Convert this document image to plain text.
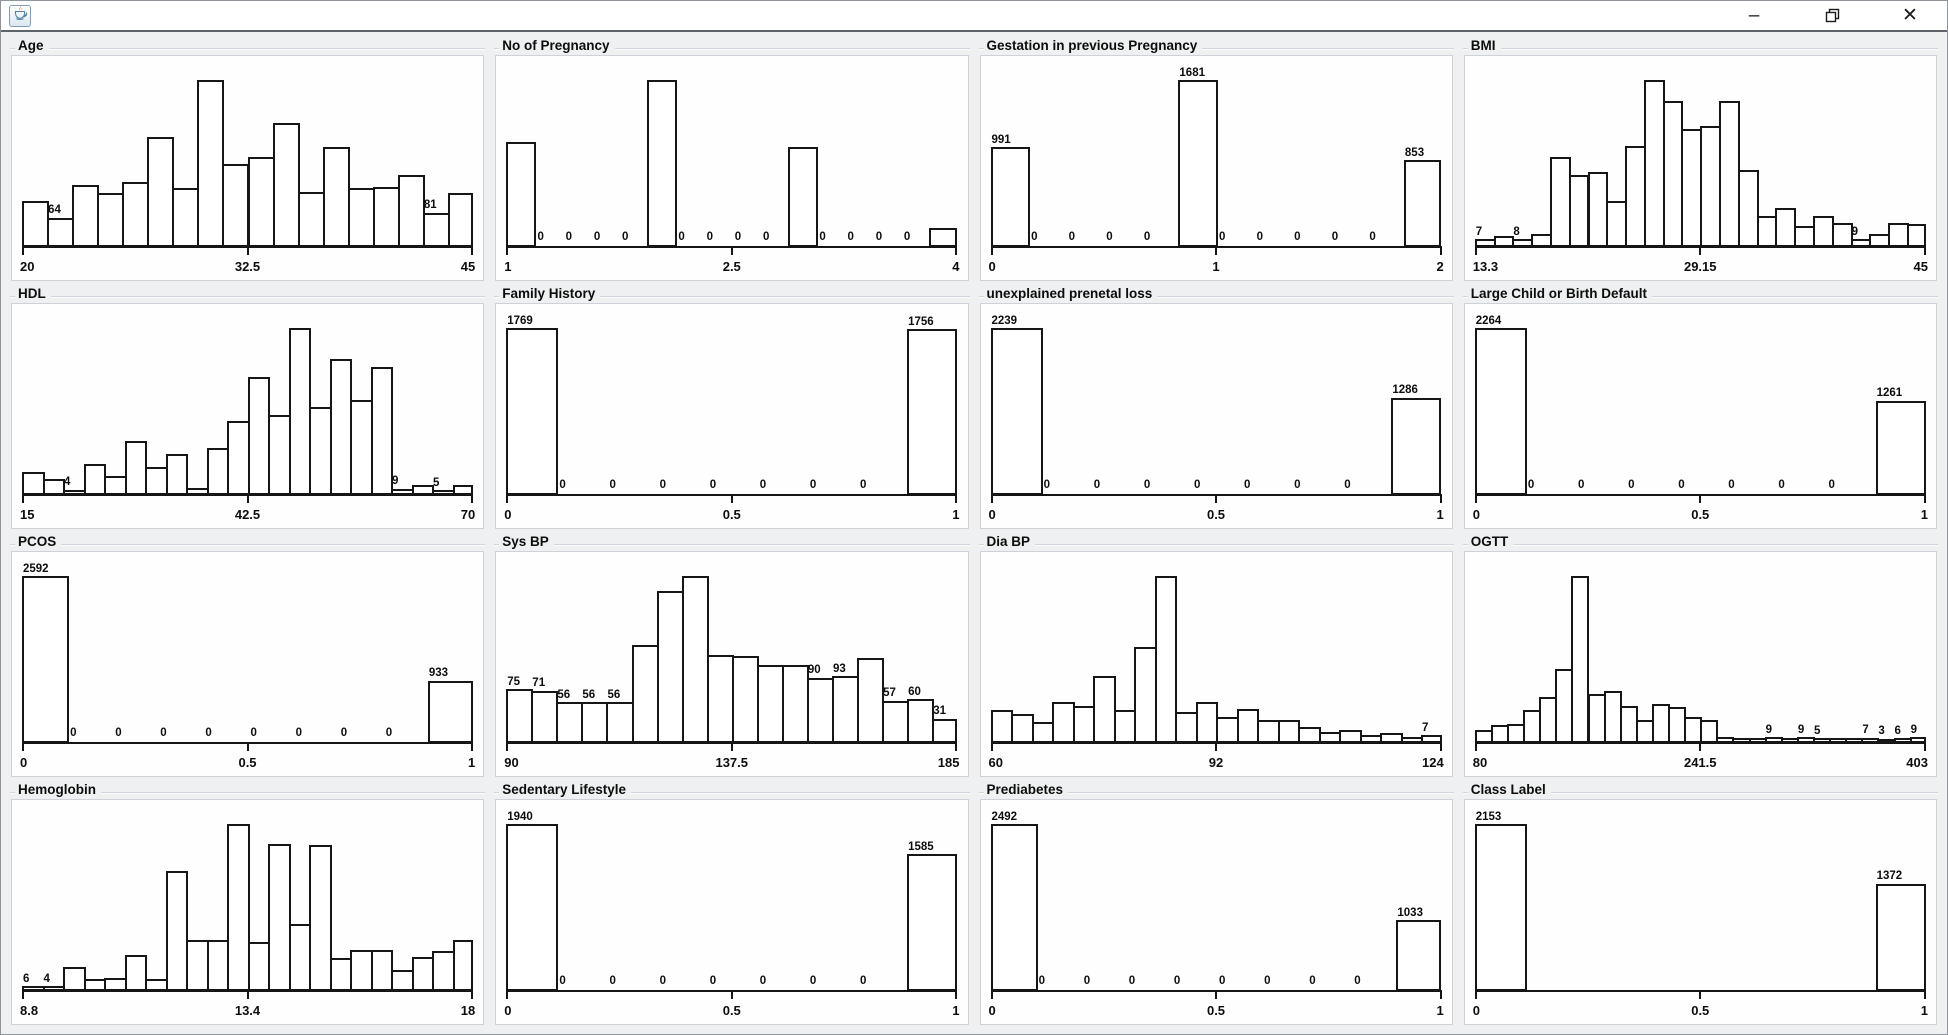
–	✕
Age
20	32.5	45
64	81
No of Pregnancy
1	2.5	4
0 0 0 0	0 0 0 0	0 0 0 0
Gestation in previous Pregnancy
0	1	2
991
0	0	0	0
1681
0	0	0	0	0
853
BMI
13.3	29.15	45
7	8	9
HDL
15	42.5	70
4	9	5
Family History
0	0.5	1
1769
0	0	0	0	0	0	0
1756
unexplained prenetal loss
0	0.5	1
2239
0	0	0	0	0	0	0
1286
Large Child or Birth Default
0	0.5	1
2264
0	0	0	0	0	0	0
1261
PCOS
0	0.5	1
2592
0	0	0	0	0	0	0	0
933
Sys BP
90	137.5	185
75 71
56 56 56
90 93
57 60
31
Dia BP
60	92	124
7
OGTT
80	241.5	403
9 9 5	7 3 6 9
Hemoglobin
8.8	13.4	18
6 4
Sedentary Lifestyle
0	0.5	1
1940
0	0	0	0	0	0	0
1585
Prediabetes
0	0.5	1
2492
0	0	0	0	0	0	0	0
1033
Class Label
0	0.5	1
2153
1372
